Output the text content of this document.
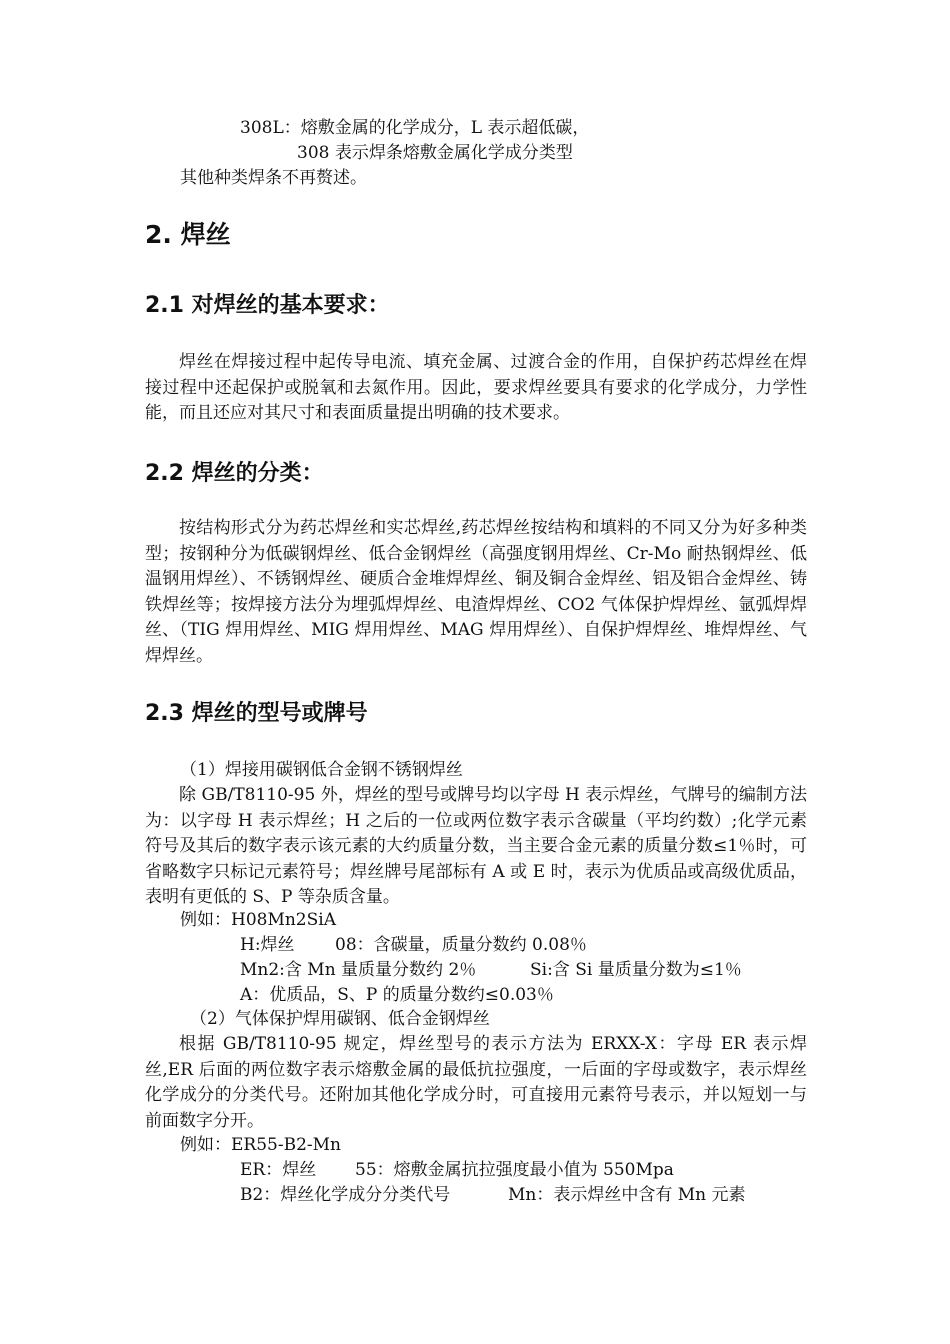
308L：熔敷金属的化学成分，L 表示超低碳，
308 表示焊条熔敷金属化学成分类型
其他种类焊条不再赘述。
2. 焊丝
2.1 对焊丝的基本要求：
焊丝在焊接过程中起传导电流、填充金属、过渡合金的作用，自保护药芯焊丝在焊接过程中还起保护或脱氧和去氮作用。因此，要求焊丝要具有要求的化学成分，力学性能，而且还应对其尺寸和表面质量提出明确的技术要求。
2.2 焊丝的分类：
按结构形式分为药芯焊丝和实芯焊丝,药芯焊丝按结构和填料的不同又分为好多种类型；按钢种分为低碳钢焊丝、低合金钢焊丝（高强度钢用焊丝、Cr-Mo 耐热钢焊丝、低温钢用焊丝）、不锈钢焊丝、硬质合金堆焊焊丝、铜及铜合金焊丝、铝及铝合金焊丝、铸铁焊丝等；按焊接方法分为埋弧焊焊丝、电渣焊焊丝、CO2 气体保护焊焊丝、氩弧焊焊丝、（TIG 焊用焊丝、MIG 焊用焊丝、MAG 焊用焊丝）、自保护焊焊丝、堆焊焊丝、气焊焊丝。
2.3 焊丝的型号或牌号
（1）焊接用碳钢低合金钢不锈钢焊丝
除 GB/T8110-95 外，焊丝的型号或牌号均以字母 H 表示焊丝，气牌号的编制方法为：以字母 H 表示焊丝；H 之后的一位或两位数字表示含碳量（平均约数）;化学元素符号及其后的数字表示该元素的大约质量分数，当主要合金元素的质量分数≤1％时，可省略数字只标记元素符号；焊丝牌号尾部标有 A 或 E 时，表示为优质品或高级优质品，表明有更低的 S、P 等杂质含量。
例如：H08Mn2SiA
H:焊丝 08：含碳量，质量分数约 0.08％
Mn2:含 Mn 量质量分数约 2％	Si:含 Si 量质量分数为≤1％
A：优质品，S、P 的质量分数约≤0.03％
（2）气体保护焊用碳钢、低合金钢焊丝
根据 GB/T8110-95 规定，焊丝型号的表示方法为 ERXX-X：字母 ER 表示焊丝,ER 后面的两位数字表示熔敷金属的最低抗拉强度，一后面的字母或数字，表示焊丝化学成分的分类代号。还附加其他化学成分时，可直接用元素符号表示，并以短划一与前面数字分开。
例如：ER55-B2-Mn
ER：焊丝 55：熔敷金属抗拉强度最小值为 550Mpa
B2：焊丝化学成分分类代号	Mn：表示焊丝中含有 Mn 元素
